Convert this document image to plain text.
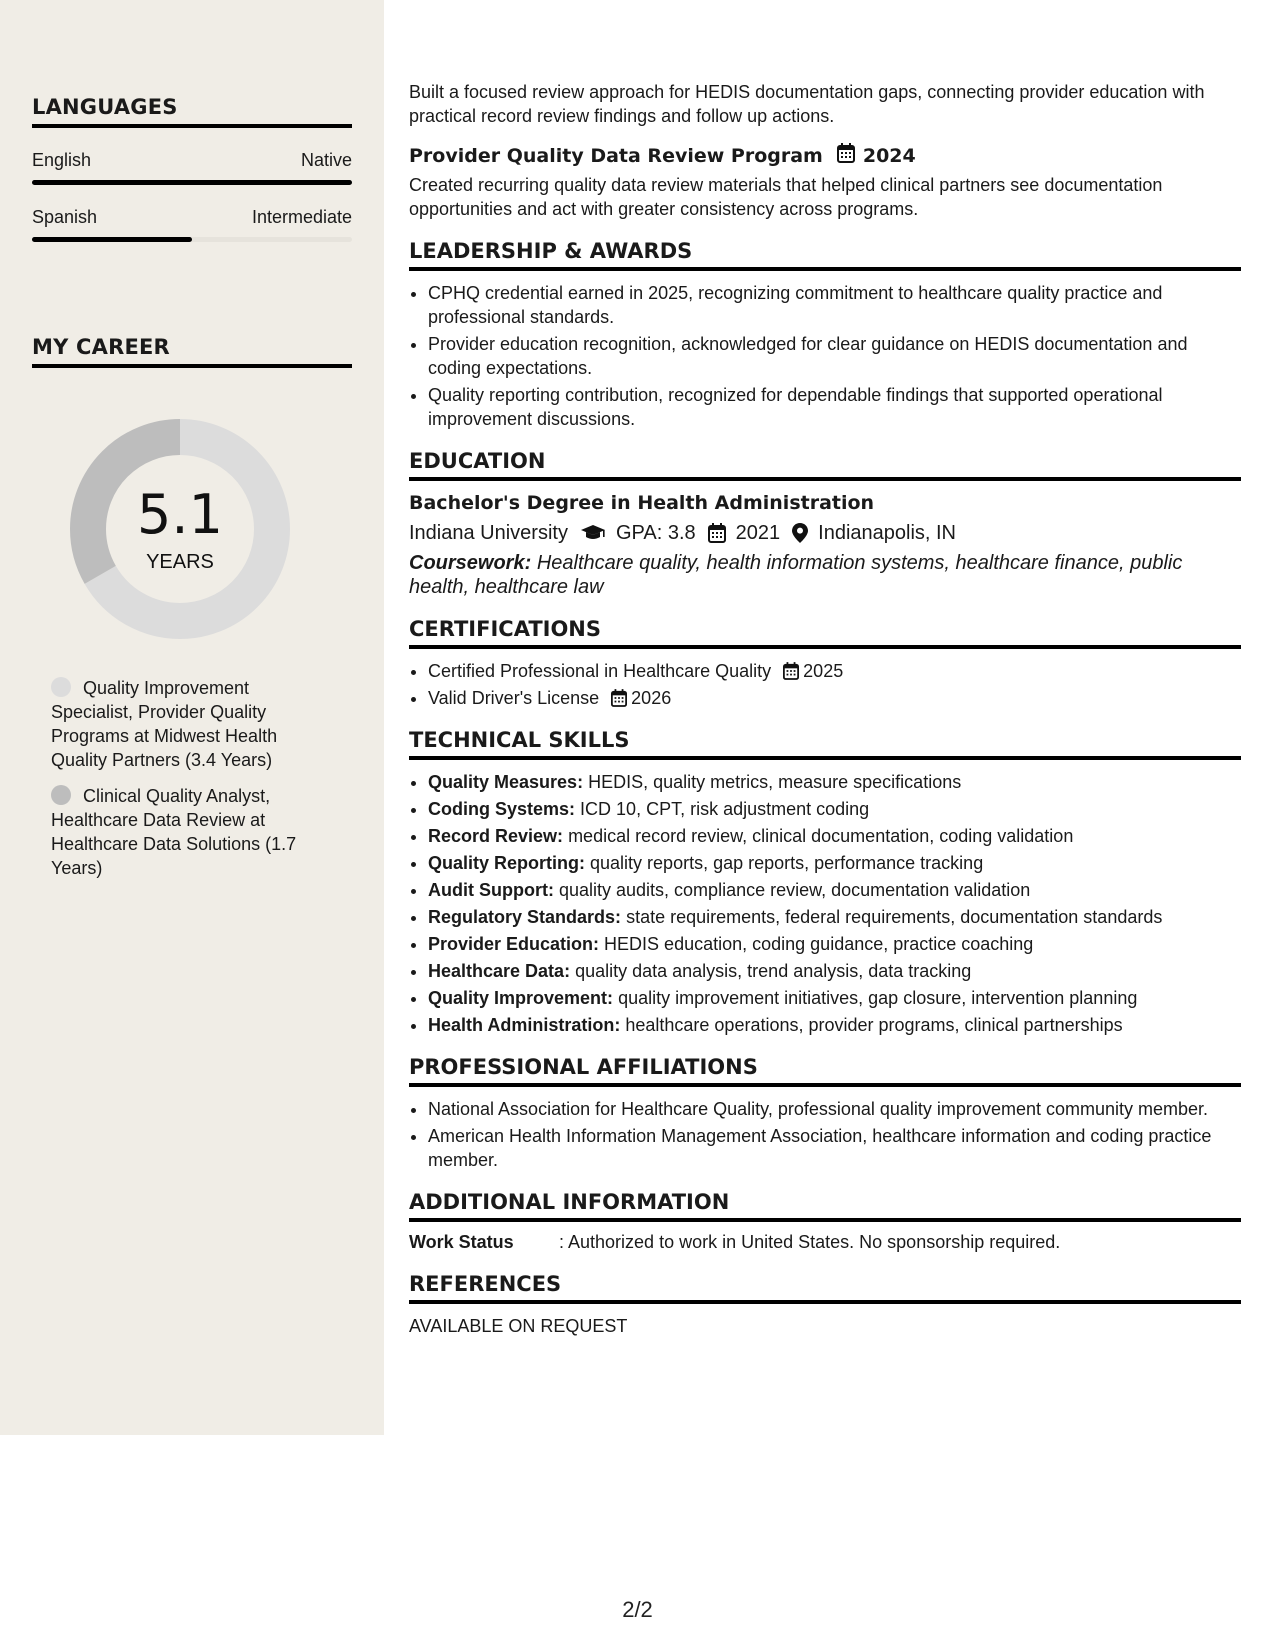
LANGUAGES
English	Native
Spanish	Intermediate
MY CAREER
5.1
YEARS
Quality Improvement Specialist, Provider Quality Programs at Midwest Health Quality Partners (3.4 Years)
Clinical Quality Analyst, Healthcare Data Review at Healthcare Data Solutions (1.7 Years)

Built a focused review approach for HEDIS documentation gaps, connecting provider education with practical record review findings and follow up actions.

Provider Quality Data Review Program 2024

Created recurring quality data review materials that helped clinical partners see documentation opportunities and act with greater consistency across programs.

LEADERSHIP & AWARDS
• CPHQ credential earned in 2025, recognizing commitment to healthcare quality practice and professional standards.
• Provider education recognition, acknowledged for clear guidance on HEDIS documentation and coding expectations.
• Quality reporting contribution, recognized for dependable findings that supported operational improvement discussions.
EDUCATION
Bachelor's Degree in Health Administration
Indiana University GPA: 3.8 2021 Indianapolis, IN
Coursework: Healthcare quality, health information systems, healthcare finance, public health, healthcare law
CERTIFICATIONS
• Certified Professional in Healthcare Quality 2025
• Valid Driver's License 2026
TECHNICAL SKILLS
• Quality Measures: HEDIS, quality metrics, measure specifications
• Coding Systems: ICD 10, CPT, risk adjustment coding
• Record Review: medical record review, clinical documentation, coding validation
• Quality Reporting: quality reports, gap reports, performance tracking
• Audit Support: quality audits, compliance review, documentation validation
• Regulatory Standards: state requirements, federal requirements, documentation standards
• Provider Education: HEDIS education, coding guidance, practice coaching
• Healthcare Data: quality data analysis, trend analysis, data tracking
• Quality Improvement: quality improvement initiatives, gap closure, intervention planning
• Health Administration: healthcare operations, provider programs, clinical partnerships
PROFESSIONAL AFFILIATIONS
• National Association for Healthcare Quality, professional quality improvement community member.
• American Health Information Management Association, healthcare information and coding practice member.
ADDITIONAL INFORMATION
Work Status	: Authorized to work in United States. No sponsorship required.
REFERENCES
AVAILABLE ON REQUEST
2/2
